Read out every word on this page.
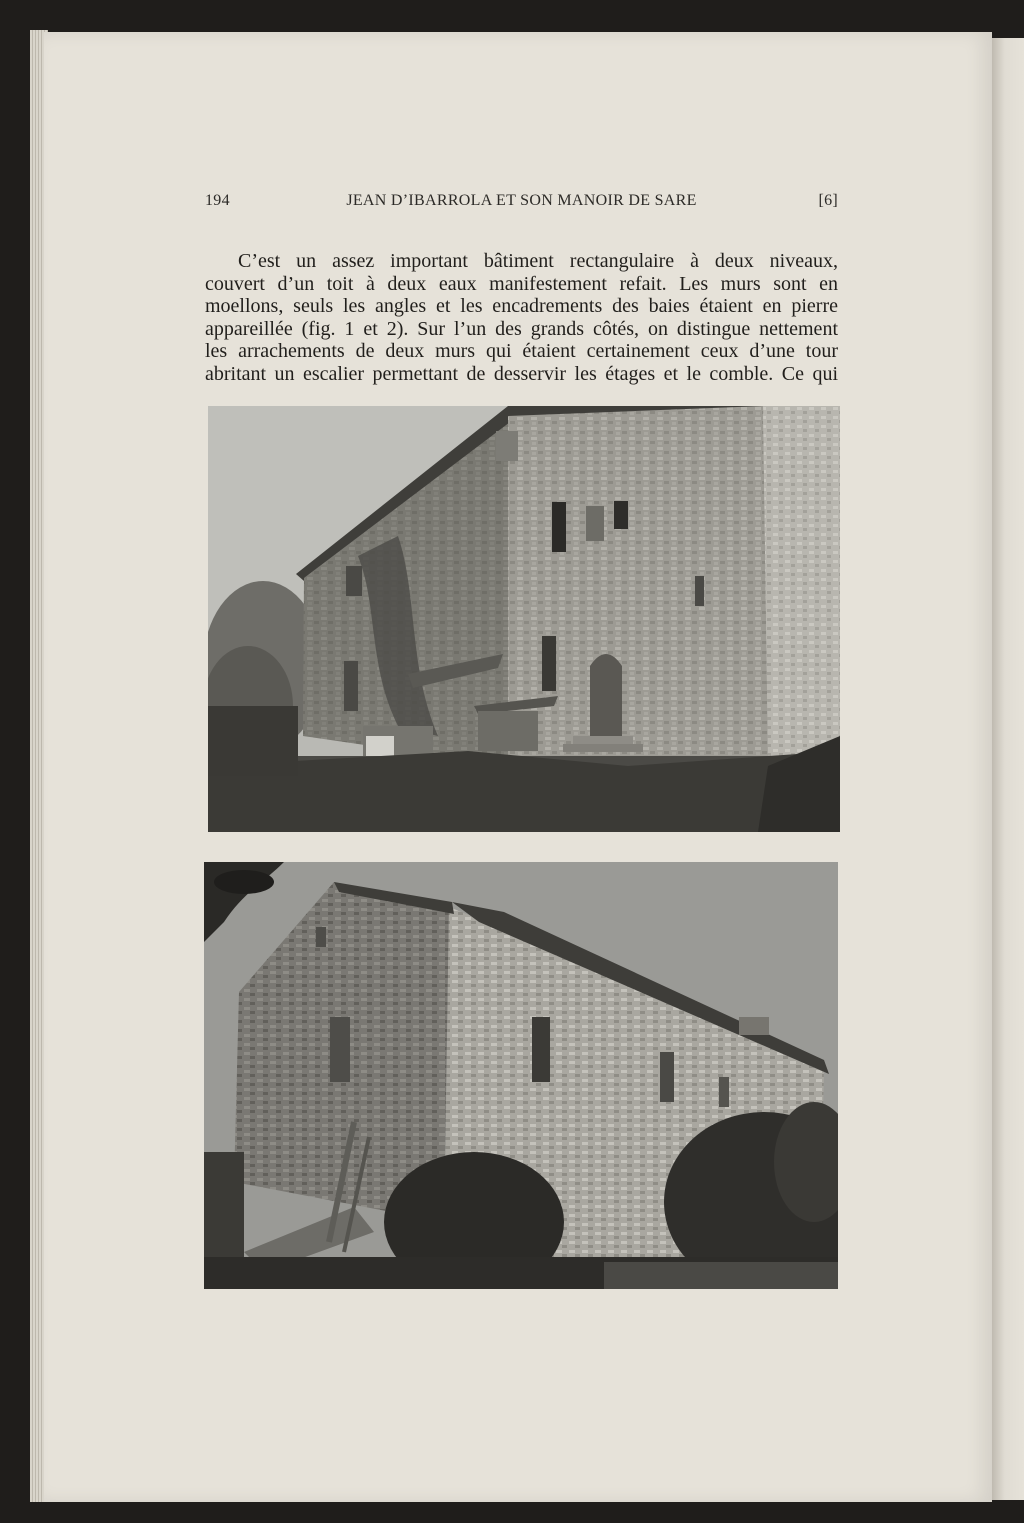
194	JEAN D’IBARROLA ET SON MANOIR DE SARE	[6]
C’est un assez important bâtiment rectangulaire à deux niveaux,
couvert d’un toit à deux eaux manifestement refait. Les murs sont en
moellons, seuls les angles et les encadrements des baies étaient en pierre
appareillée (fig. 1 et 2). Sur l’un des grands côtés, on distingue nettement
les arrachements de deux murs qui étaient certainement ceux d’une tour
abritant un escalier permettant de desservir les étages et le comble. Ce qui
